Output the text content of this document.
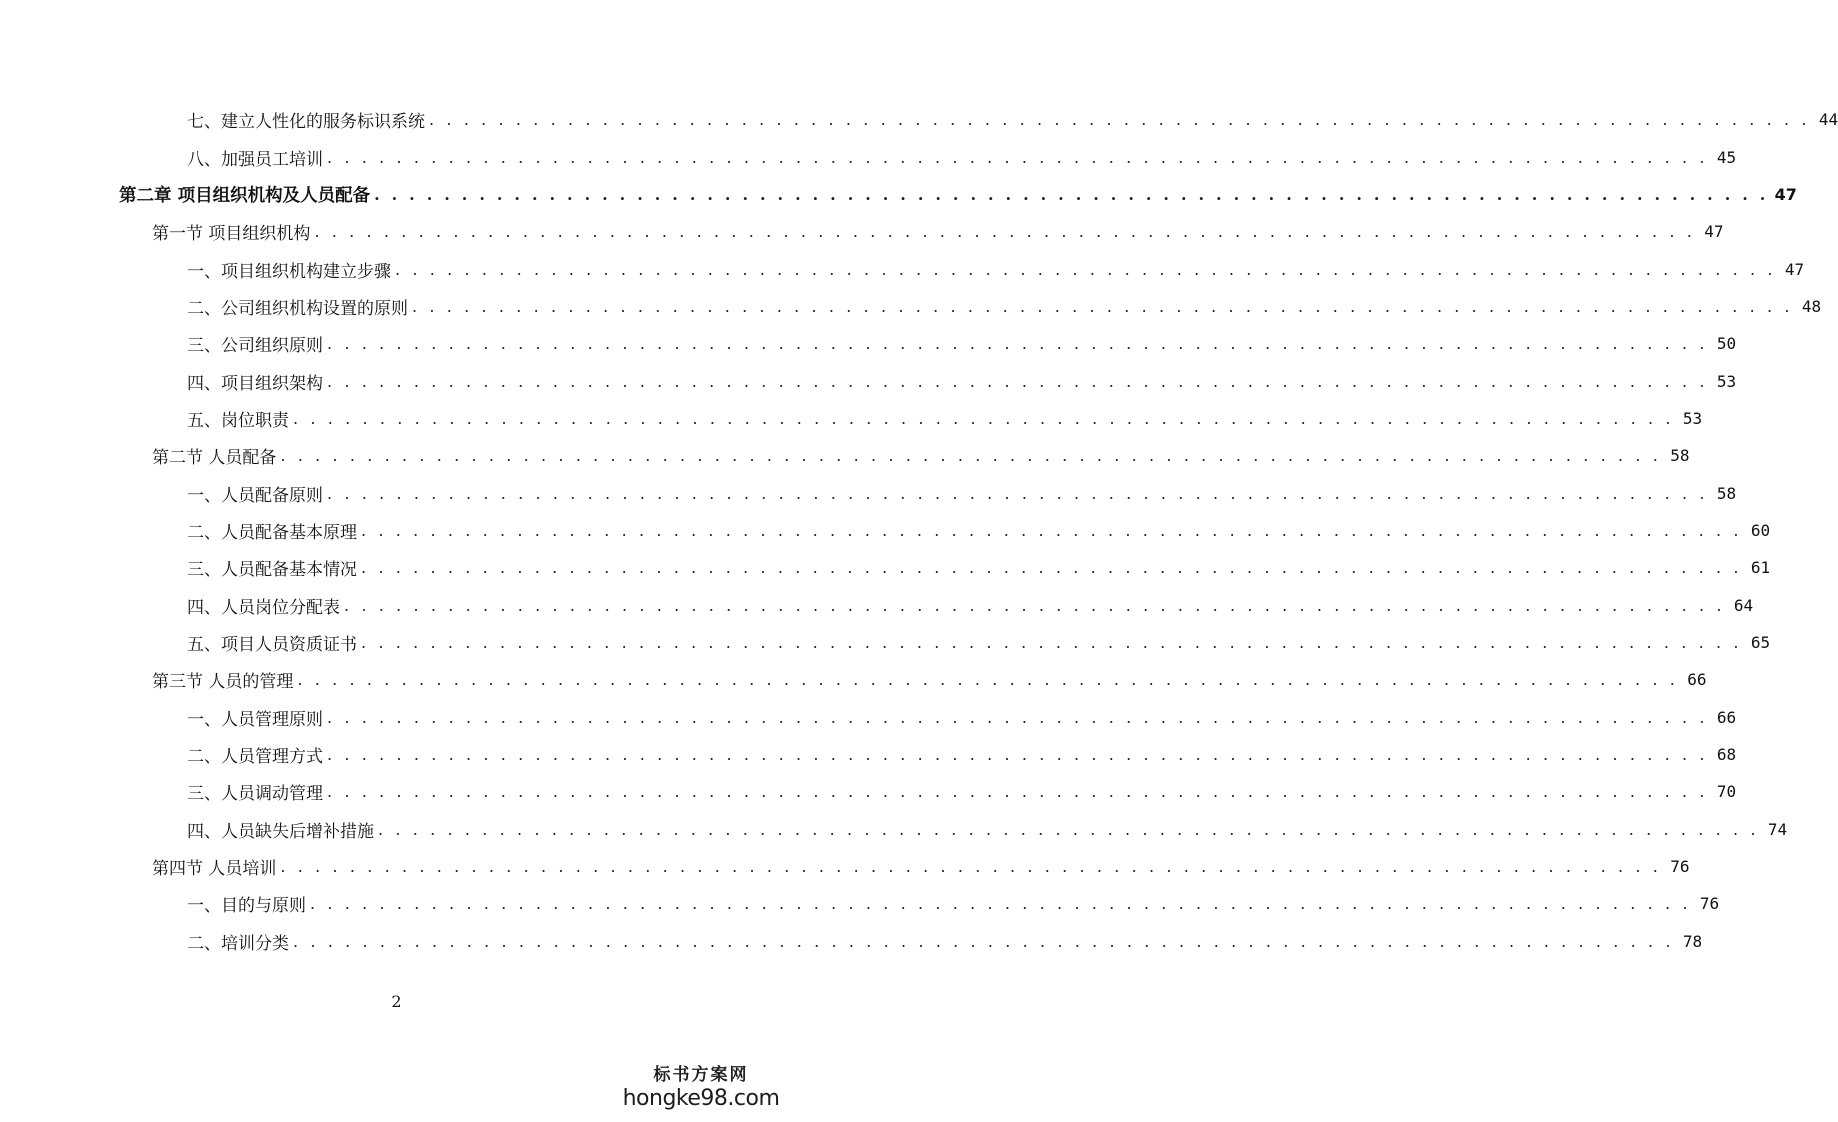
七、建立人性化的服务标识系统 . . . . . . . . . . . . . . . . . . . . . . . . . . . . . . . . . . . . . . . . . . . . . . . . . . . . . . . . . . . . . . . . . . . . . . . . . . . . . . . . 44
八、加强员工培训 . . . . . . . . . . . . . . . . . . . . . . . . . . . . . . . . . . . . . . . . . . . . . . . . . . . . . . . . . . . . . . . . . . . . . . . . . . . . . . . . 45
第二章 项目组织机构及人员配备 . . . . . . . . . . . . . . . . . . . . . . . . . . . . . . . . . . . . . . . . . . . . . . . . . . . . . . . . . . . . . . . . . . . . . . . . . . . . . . . . 47
第一节 项目组织机构 . . . . . . . . . . . . . . . . . . . . . . . . . . . . . . . . . . . . . . . . . . . . . . . . . . . . . . . . . . . . . . . . . . . . . . . . . . . . . . . . 47
一、项目组织机构建立步骤 . . . . . . . . . . . . . . . . . . . . . . . . . . . . . . . . . . . . . . . . . . . . . . . . . . . . . . . . . . . . . . . . . . . . . . . . . . . . . . . . 47
二、公司组织机构设置的原则 . . . . . . . . . . . . . . . . . . . . . . . . . . . . . . . . . . . . . . . . . . . . . . . . . . . . . . . . . . . . . . . . . . . . . . . . . . . . . . . . 48
三、公司组织原则 . . . . . . . . . . . . . . . . . . . . . . . . . . . . . . . . . . . . . . . . . . . . . . . . . . . . . . . . . . . . . . . . . . . . . . . . . . . . . . . . 50
四、项目组织架构 . . . . . . . . . . . . . . . . . . . . . . . . . . . . . . . . . . . . . . . . . . . . . . . . . . . . . . . . . . . . . . . . . . . . . . . . . . . . . . . . 53
五、岗位职责 . . . . . . . . . . . . . . . . . . . . . . . . . . . . . . . . . . . . . . . . . . . . . . . . . . . . . . . . . . . . . . . . . . . . . . . . . . . . . . . . 53
第二节 人员配备 . . . . . . . . . . . . . . . . . . . . . . . . . . . . . . . . . . . . . . . . . . . . . . . . . . . . . . . . . . . . . . . . . . . . . . . . . . . . . . . . 58
一、人员配备原则 . . . . . . . . . . . . . . . . . . . . . . . . . . . . . . . . . . . . . . . . . . . . . . . . . . . . . . . . . . . . . . . . . . . . . . . . . . . . . . . . 58
二、人员配备基本原理 . . . . . . . . . . . . . . . . . . . . . . . . . . . . . . . . . . . . . . . . . . . . . . . . . . . . . . . . . . . . . . . . . . . . . . . . . . . . . . . . 60
三、人员配备基本情况 . . . . . . . . . . . . . . . . . . . . . . . . . . . . . . . . . . . . . . . . . . . . . . . . . . . . . . . . . . . . . . . . . . . . . . . . . . . . . . . . 61
四、人员岗位分配表 . . . . . . . . . . . . . . . . . . . . . . . . . . . . . . . . . . . . . . . . . . . . . . . . . . . . . . . . . . . . . . . . . . . . . . . . . . . . . . . . 64
五、项目人员资质证书 . . . . . . . . . . . . . . . . . . . . . . . . . . . . . . . . . . . . . . . . . . . . . . . . . . . . . . . . . . . . . . . . . . . . . . . . . . . . . . . . 65
第三节 人员的管理 . . . . . . . . . . . . . . . . . . . . . . . . . . . . . . . . . . . . . . . . . . . . . . . . . . . . . . . . . . . . . . . . . . . . . . . . . . . . . . . . 66
一、人员管理原则 . . . . . . . . . . . . . . . . . . . . . . . . . . . . . . . . . . . . . . . . . . . . . . . . . . . . . . . . . . . . . . . . . . . . . . . . . . . . . . . . 66
二、人员管理方式 . . . . . . . . . . . . . . . . . . . . . . . . . . . . . . . . . . . . . . . . . . . . . . . . . . . . . . . . . . . . . . . . . . . . . . . . . . . . . . . . 68
三、人员调动管理 . . . . . . . . . . . . . . . . . . . . . . . . . . . . . . . . . . . . . . . . . . . . . . . . . . . . . . . . . . . . . . . . . . . . . . . . . . . . . . . . 70
四、人员缺失后增补措施 . . . . . . . . . . . . . . . . . . . . . . . . . . . . . . . . . . . . . . . . . . . . . . . . . . . . . . . . . . . . . . . . . . . . . . . . . . . . . . . . 74
第四节 人员培训 . . . . . . . . . . . . . . . . . . . . . . . . . . . . . . . . . . . . . . . . . . . . . . . . . . . . . . . . . . . . . . . . . . . . . . . . . . . . . . . . 76
一、目的与原则 . . . . . . . . . . . . . . . . . . . . . . . . . . . . . . . . . . . . . . . . . . . . . . . . . . . . . . . . . . . . . . . . . . . . . . . . . . . . . . . . 76
二、培训分类 . . . . . . . . . . . . . . . . . . . . . . . . . . . . . . . . . . . . . . . . . . . . . . . . . . . . . . . . . . . . . . . . . . . . . . . . . . . . . . . . 78
2
标书方案网
hongke98.com
